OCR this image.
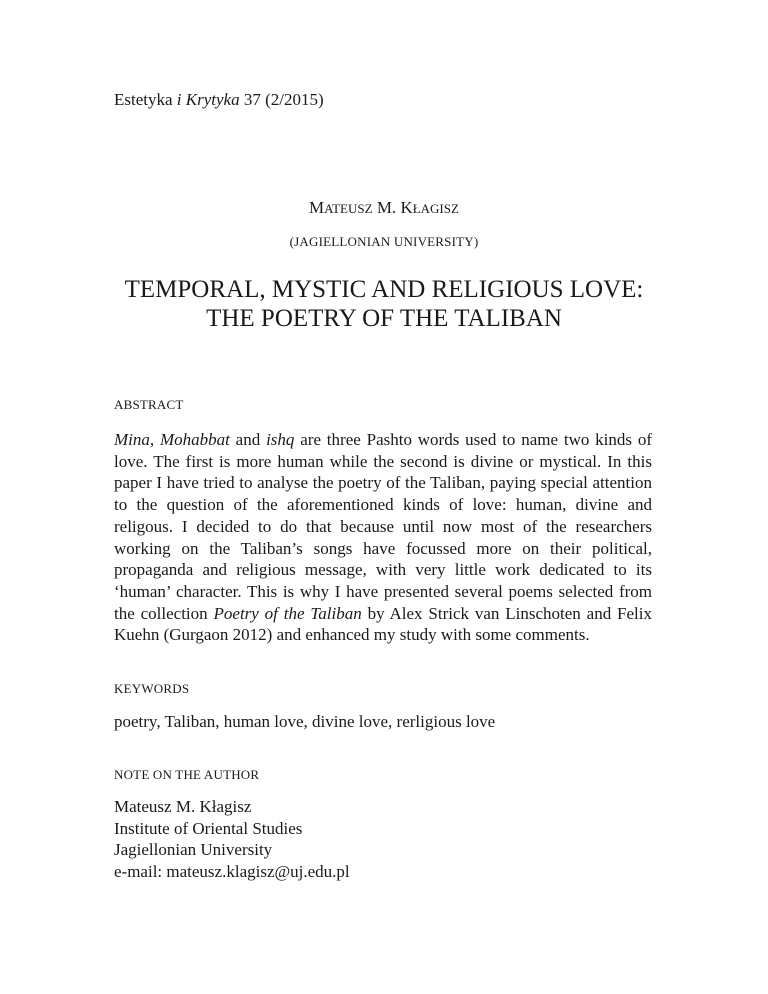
Estetyka i Krytyka 37 (2/2015)
MATEUSZ M. KŁAGISZ
(JAGIELLONIAN UNIVERSITY)
TEMPORAL, MYSTIC AND RELIGIOUS LOVE:
THE POETRY OF THE TALIBAN
ABSTRACT

Mina, Mohabbat and ishq are three Pashto words used to name two kinds of love. The first is more human while the second is divine or mystical. In this paper I have tried to analyse the poetry of the Taliban, paying special attention to the question of the aforementioned kinds of love: human, divine and religous. I decided to do that because until now most of the researchers working on the Taliban’s songs have focussed more on their political, propaganda and religious message, with very little work dedicated to its ‘human’ character. This is why I have presented several poems selected from the collection Poetry of the Taliban by Alex Strick van Linschoten and Felix Kuehn (Gurgaon 2012) and enhanced my study with some comments.

KEYWORDS

poetry, Taliban, human love, divine love, rerligious love

NOTE ON THE AUTHOR
Mateusz M. Kłagisz
Institute of Oriental Studies
Jagiellonian University
e-mail: mateusz.klagisz@uj.edu.pl
